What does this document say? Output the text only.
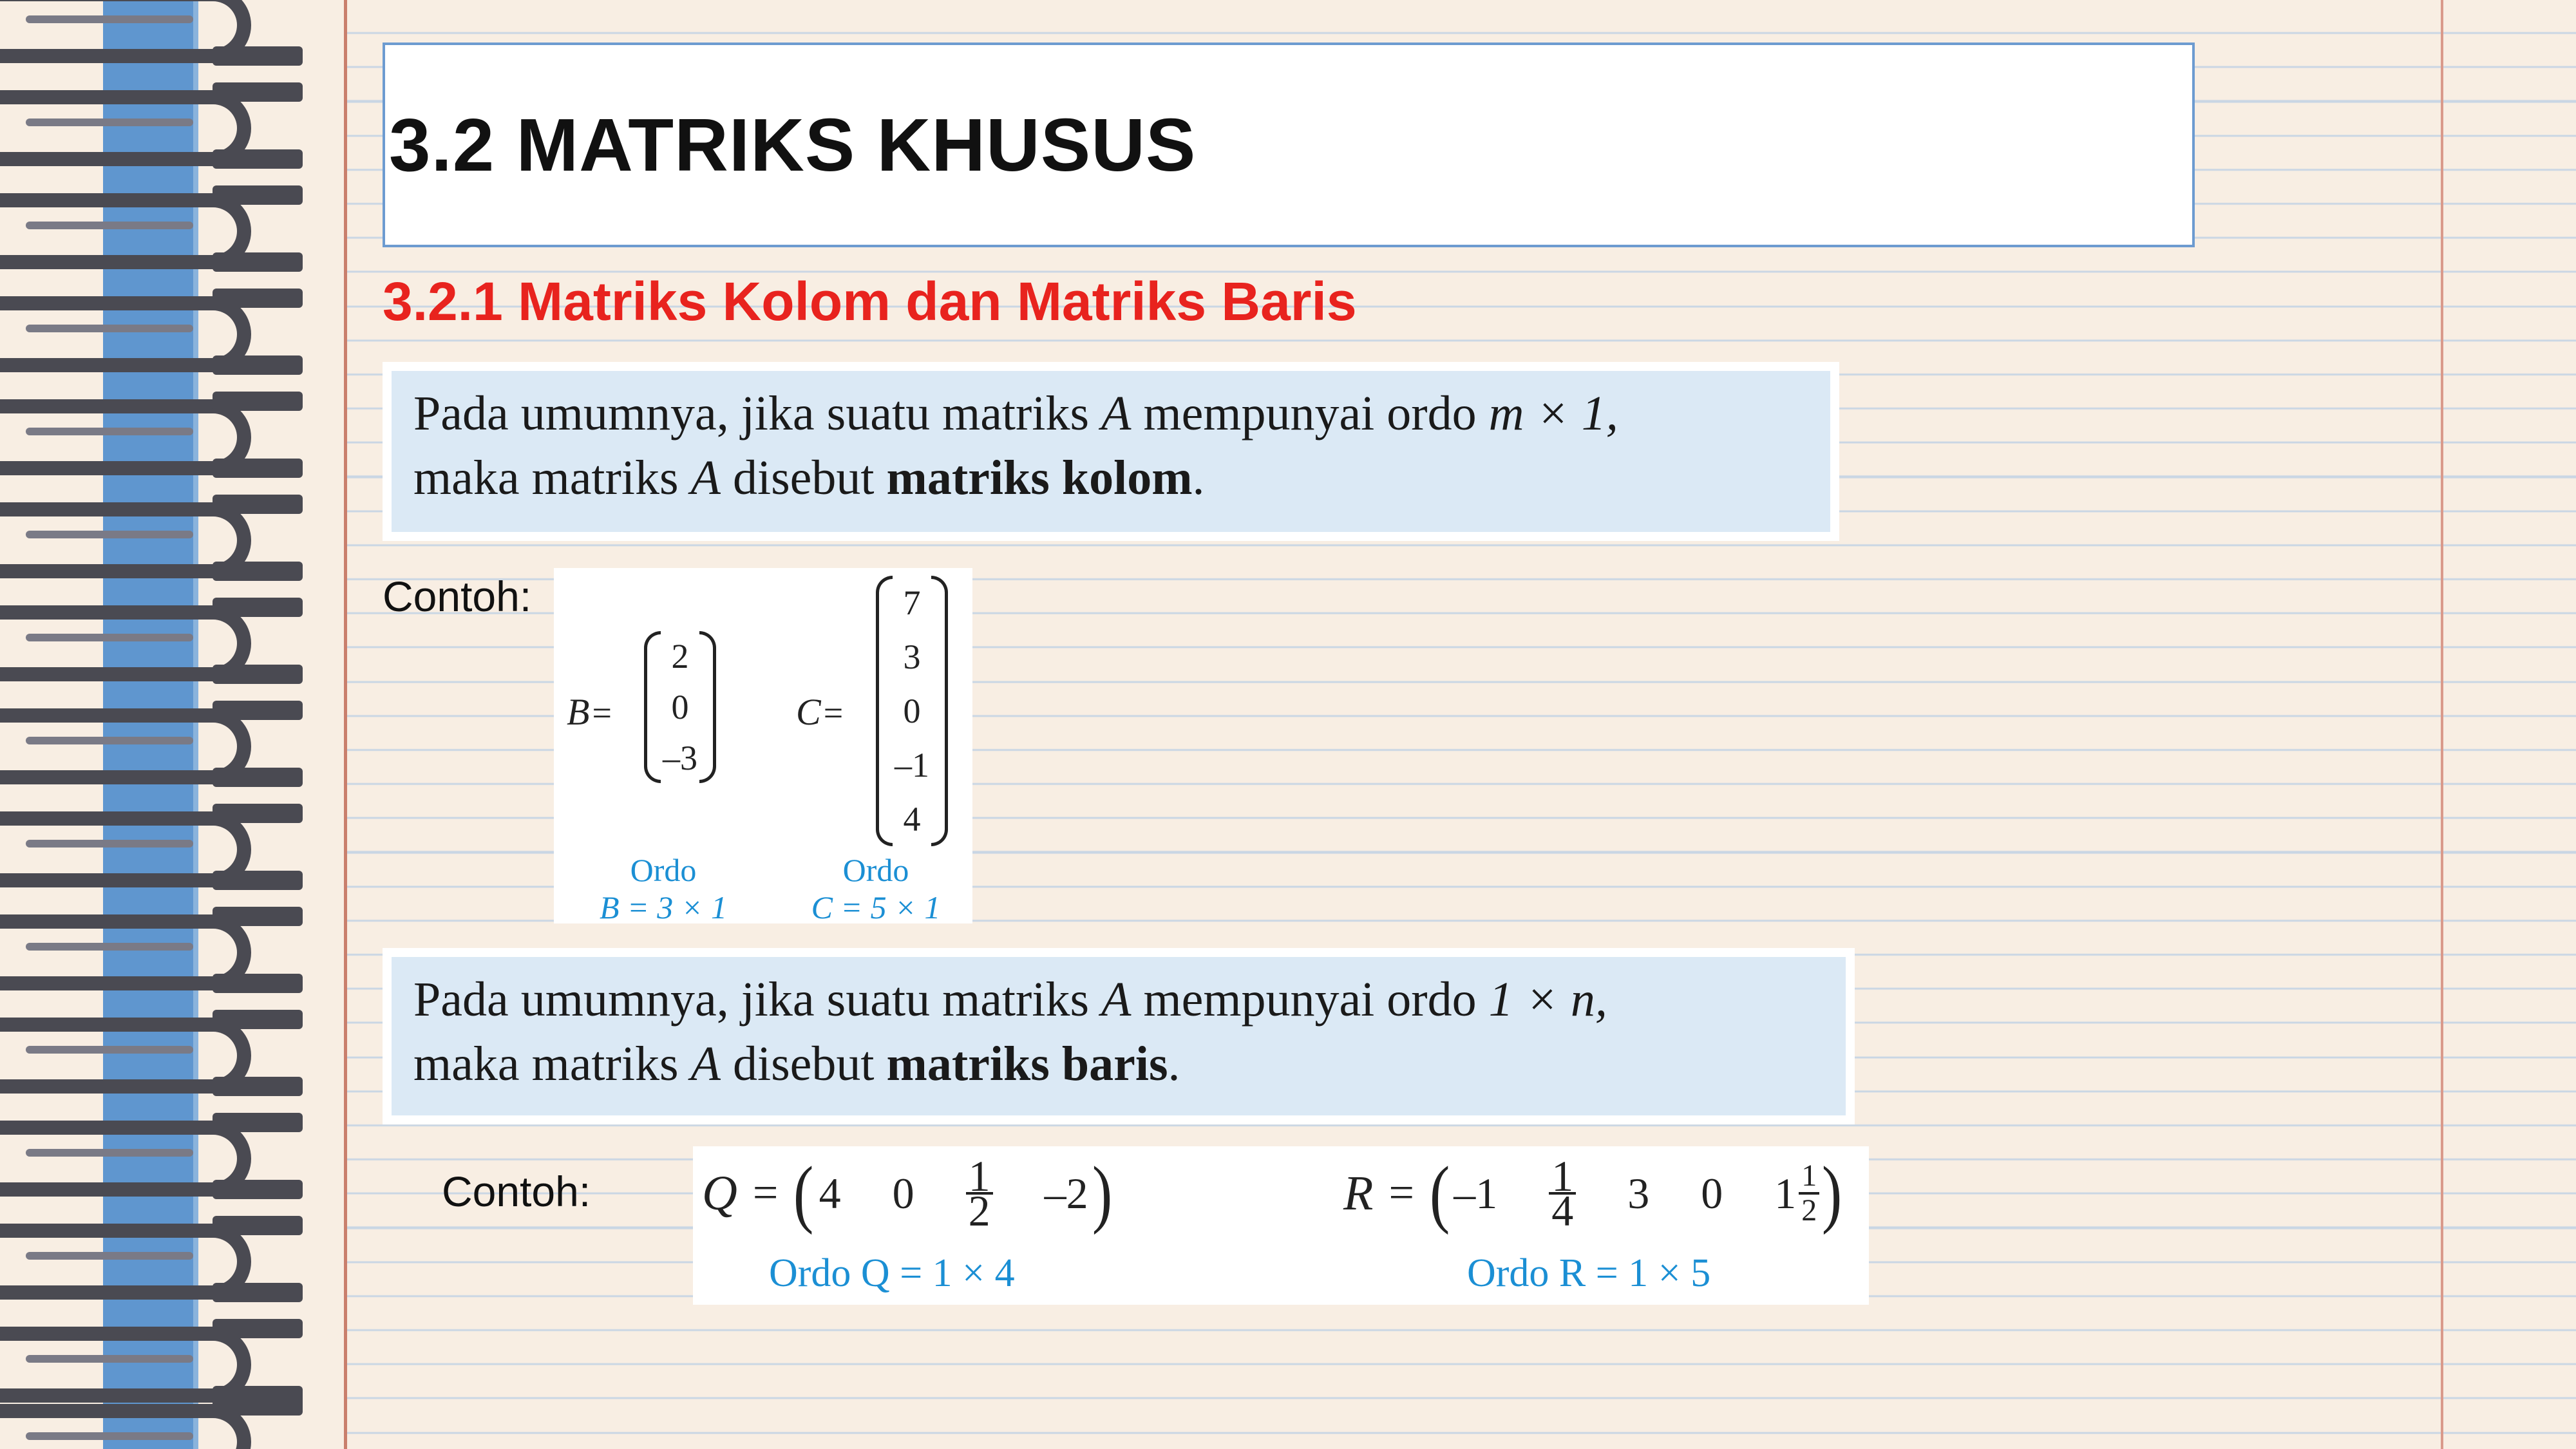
3.2 MATRIKS KHUSUS
3.2.1 Matriks Kolom dan Matriks Baris
Pada umumnya, jika suatu matriks A mempunyai ordo m × 1,
maka matriks A disebut matriks kolom.
Contoh:
B =
2
0
–3
C =
7
3
0
–1
4
Ordo
B = 3 × 1
Ordo
C = 5 × 1
Pada umumnya, jika suatu matriks A mempunyai ordo 1 × n,
maka matriks A disebut matriks baris.
Contoh: Q = ( 4 $0 \frac{1}{2} -2$ )
Ordo Q = 1 × 4
R = ( $-1 \frac{1}{4} 3$ 0 $1 \frac{1}{2}$ )
Ordo R = 1 × 5
